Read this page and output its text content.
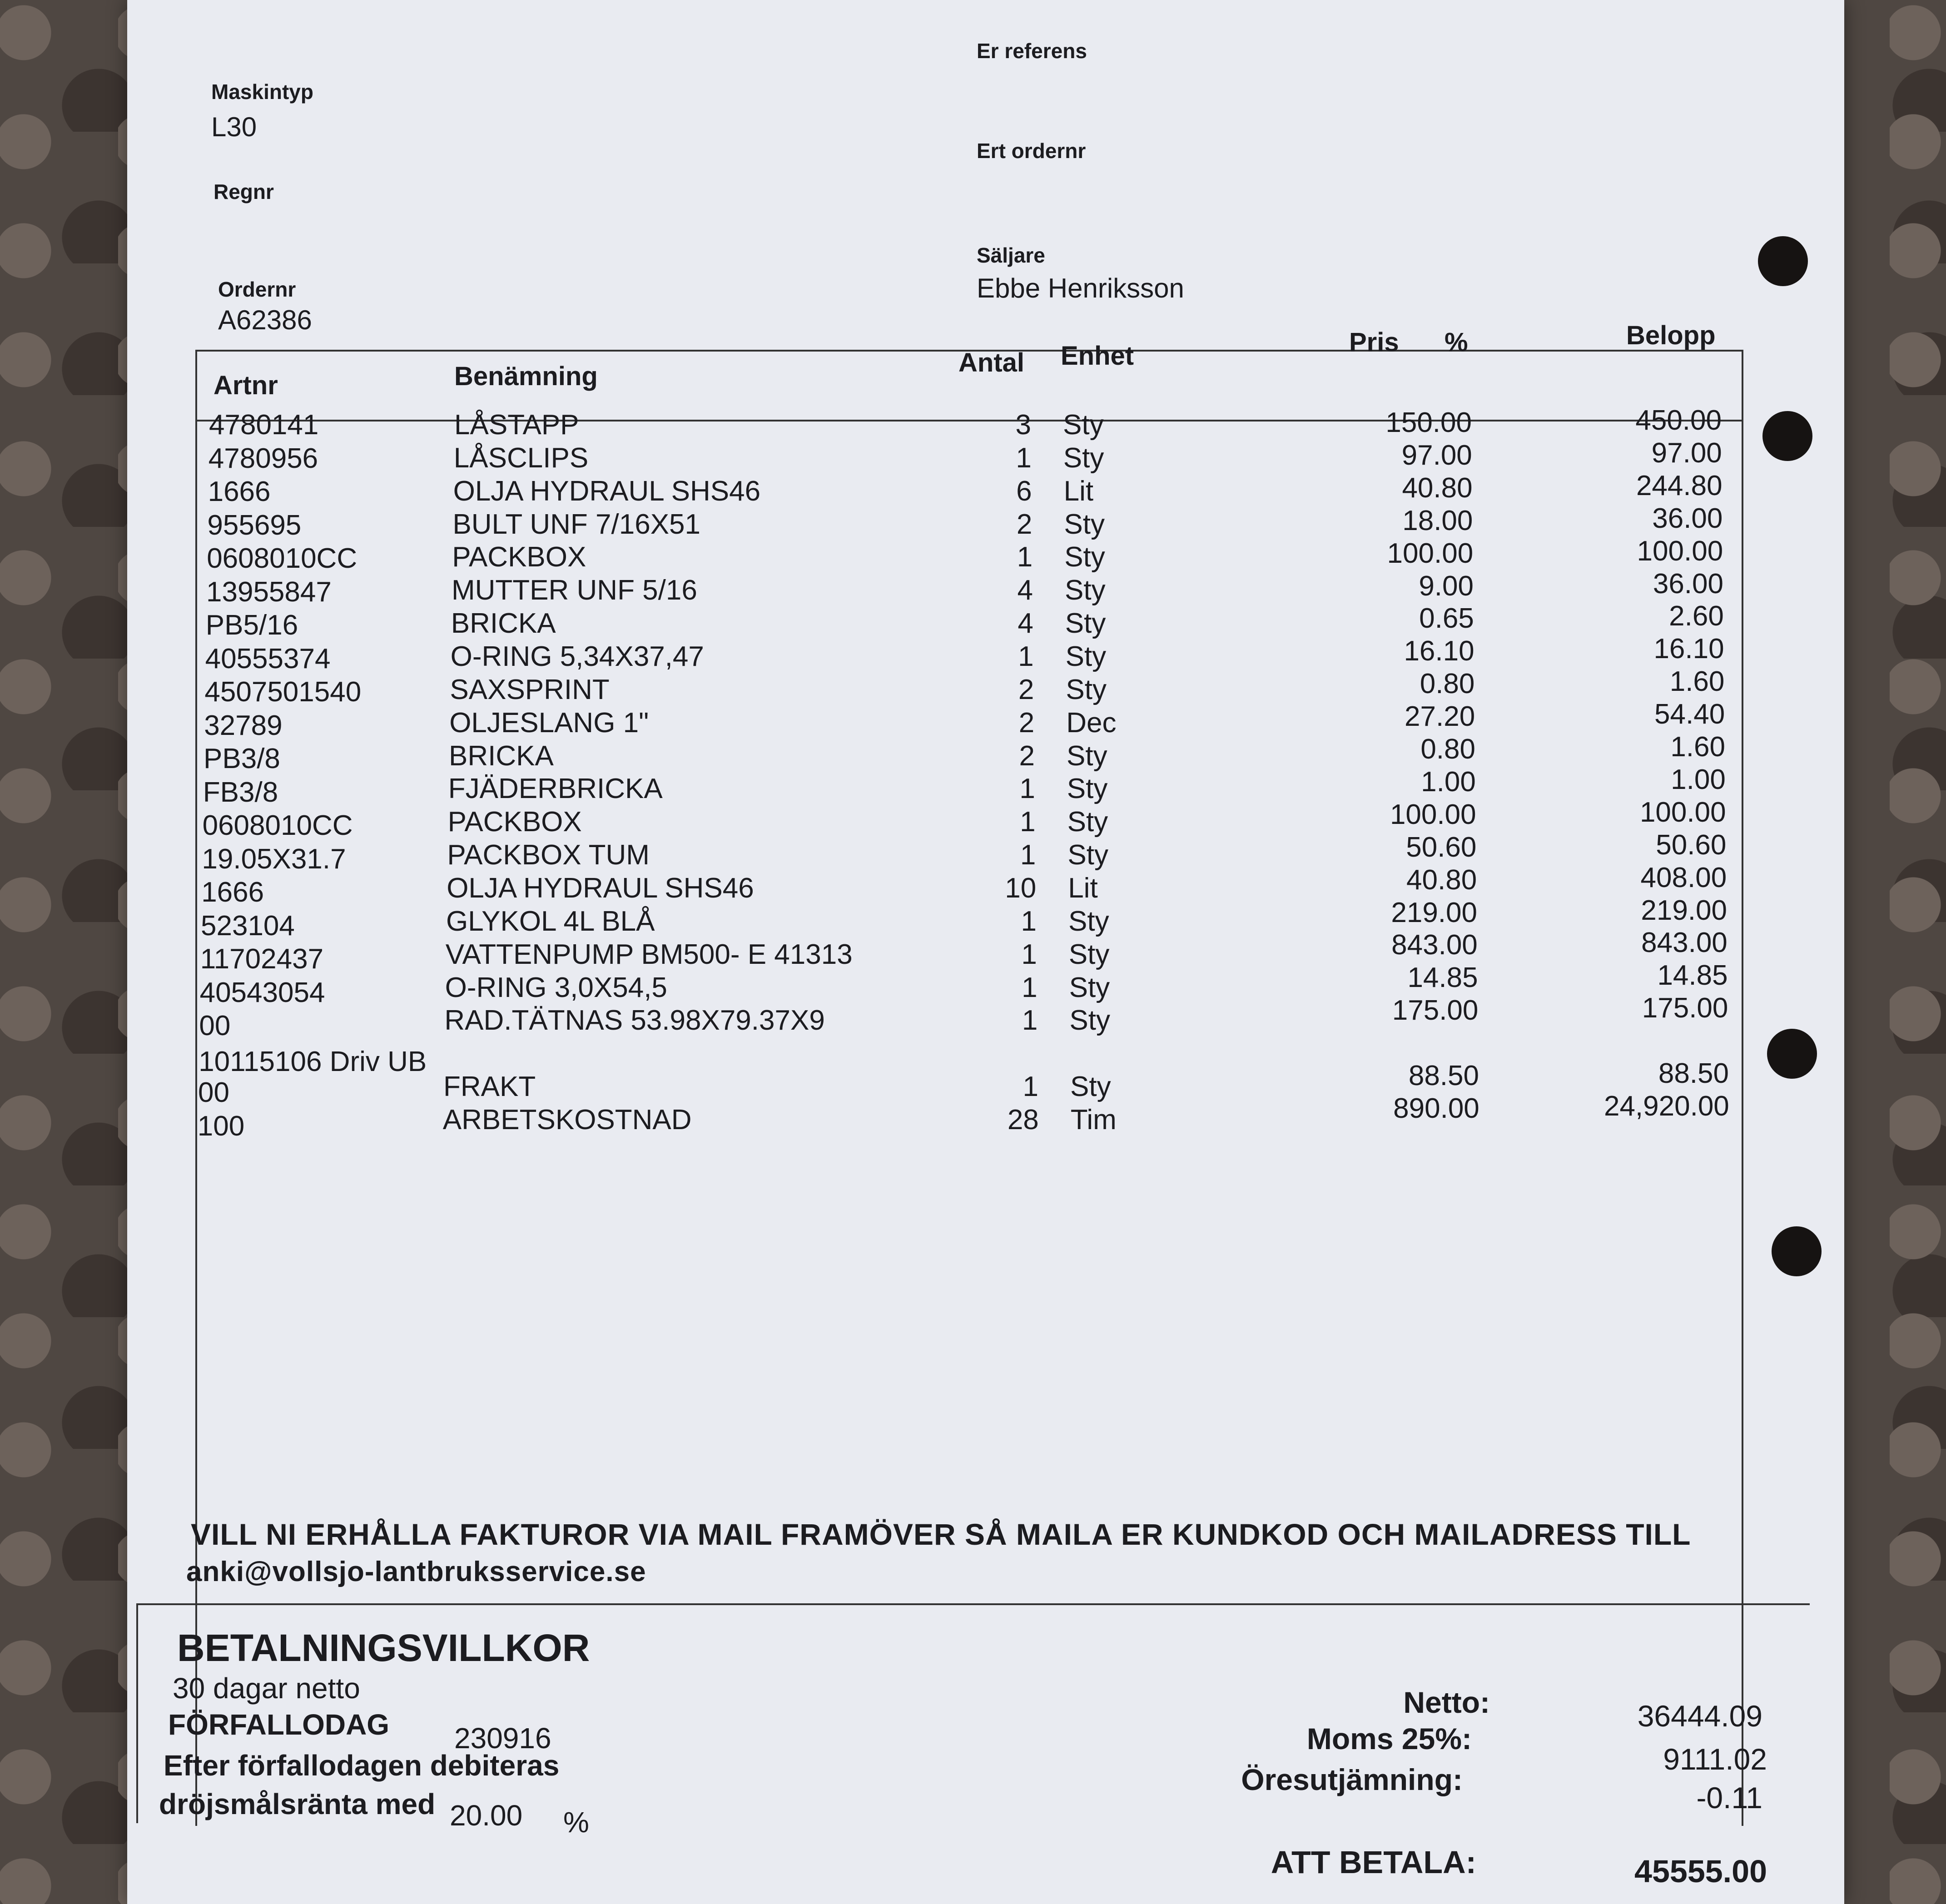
Maskintyp
L30
Regnr
Ordernr
A62386
Er referens
Ert ordernr
Säljare
Ebbe Henriksson
Artnr	Benämning	Antal Enhet	Pris %	Belopp
4780141	LÅSTAPP	3 Sty	150.00	450.00
4780956	LÅSCLIPS	1 Sty	97.00	97.00
1666	OLJA HYDRAUL SHS46	6 Lit	40.80	244.80
955695	BULT UNF 7/16X51	2 Sty	18.00	36.00
0608010CC	PACKBOX	1 Sty	100.00	100.00
13955847	MUTTER UNF 5/16	4 Sty	9.00	36.00
PB5/16	BRICKA	4 Sty	0.65	2.60
40555374	O-RING 5,34X37,47	1 Sty	16.10	16.10
4507501540	SAXSPRINT	2 Sty	0.80	1.60
32789	OLJESLANG 1"	2 Dec	27.20	54.40
PB3/8	BRICKA	2 Sty	0.80	1.60
FB3/8	FJÄDERBRICKA	1 Sty	1.00	1.00
0608010CC	PACKBOX	1 Sty	100.00	100.00
19.05X31.7	PACKBOX TUM	1 Sty	50.60	50.60
1666	OLJA HYDRAUL SHS46	10 Lit	40.80	408.00
523104	GLYKOL 4L BLÅ	1 Sty	219.00	219.00
11702437	VATTENPUMP BM500- E 41313	1 Sty	843.00	843.00
40543054	O-RING 3,0X54,5	1 Sty	14.85	14.85
00	RAD.TÄTNAS 53.98X79.37X9	1 Sty	175.00	175.00
10115106 Driv UB
00	FRAKT	1 Sty	88.50	88.50
100	ARBETSKOSTNAD	28 Tim	890.00	24,920.00
VILL NI ERHÅLLA FAKTUROR VIA MAIL FRAMÖVER SÅ MAILA ER KUNDKOD OCH MAILADRESS TILL
anki@vollsjo-lantbruksservice.se
BETALNINGSVILLKOR
30 dagar netto
FÖRFALLODAG 230916
Efter förfallodagen debiteras
dröjsmålsränta med 20.00 %
Netto:	36444.09
Moms 25%:
9111.02
Öresutjämning:
-0.11
ATT BETALA:	45555.00
